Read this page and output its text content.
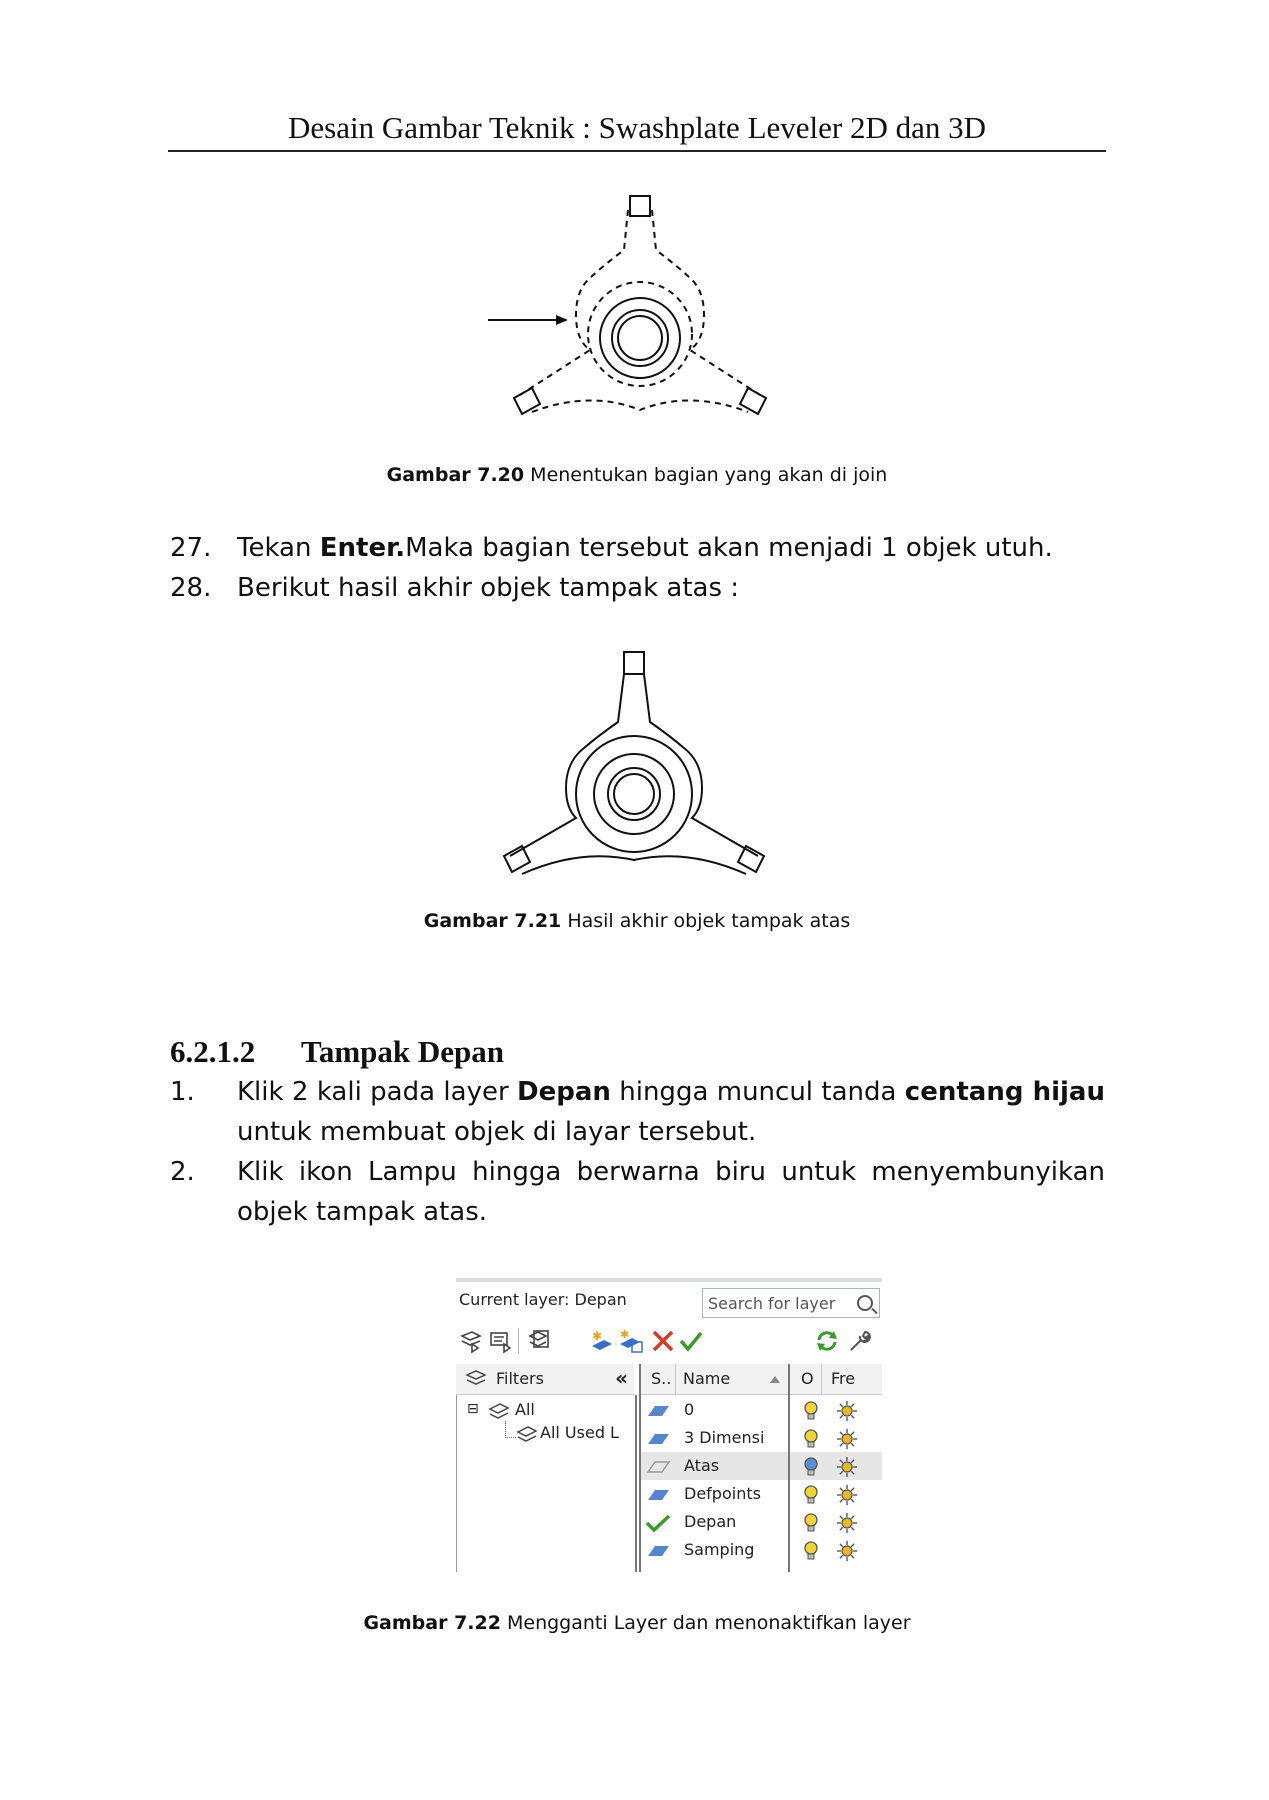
Desain Gambar Teknik : Swashplate Leveler 2D dan 3D
Gambar 7.20 Menentukan bagian yang akan di join
27. Tekan Enter.Maka bagian tersebut akan menjadi 1 objek utuh.
28. Berikut hasil akhir objek tampak atas :
Gambar 7.21 Hasil akhir objek tampak atas
6.2.1.2 Tampak Depan
1.	Klik 2 kali pada layer Depan hingga muncul tanda centang hijau untuk membuat objek di layar tersebut.
2.	Klik ikon Lampu hingga berwarna biru untuk menyembunyikan objek tampak atas.
Current layer: Depan	Search for layer
✱ ✱
Filters	«
⊟ All
All Used L
S.. Name	O Fre
0
3 Dimensi
Atas
Defpoints
Depan
Samping
Gambar 7.22 Mengganti Layer dan menonaktifkan layer
